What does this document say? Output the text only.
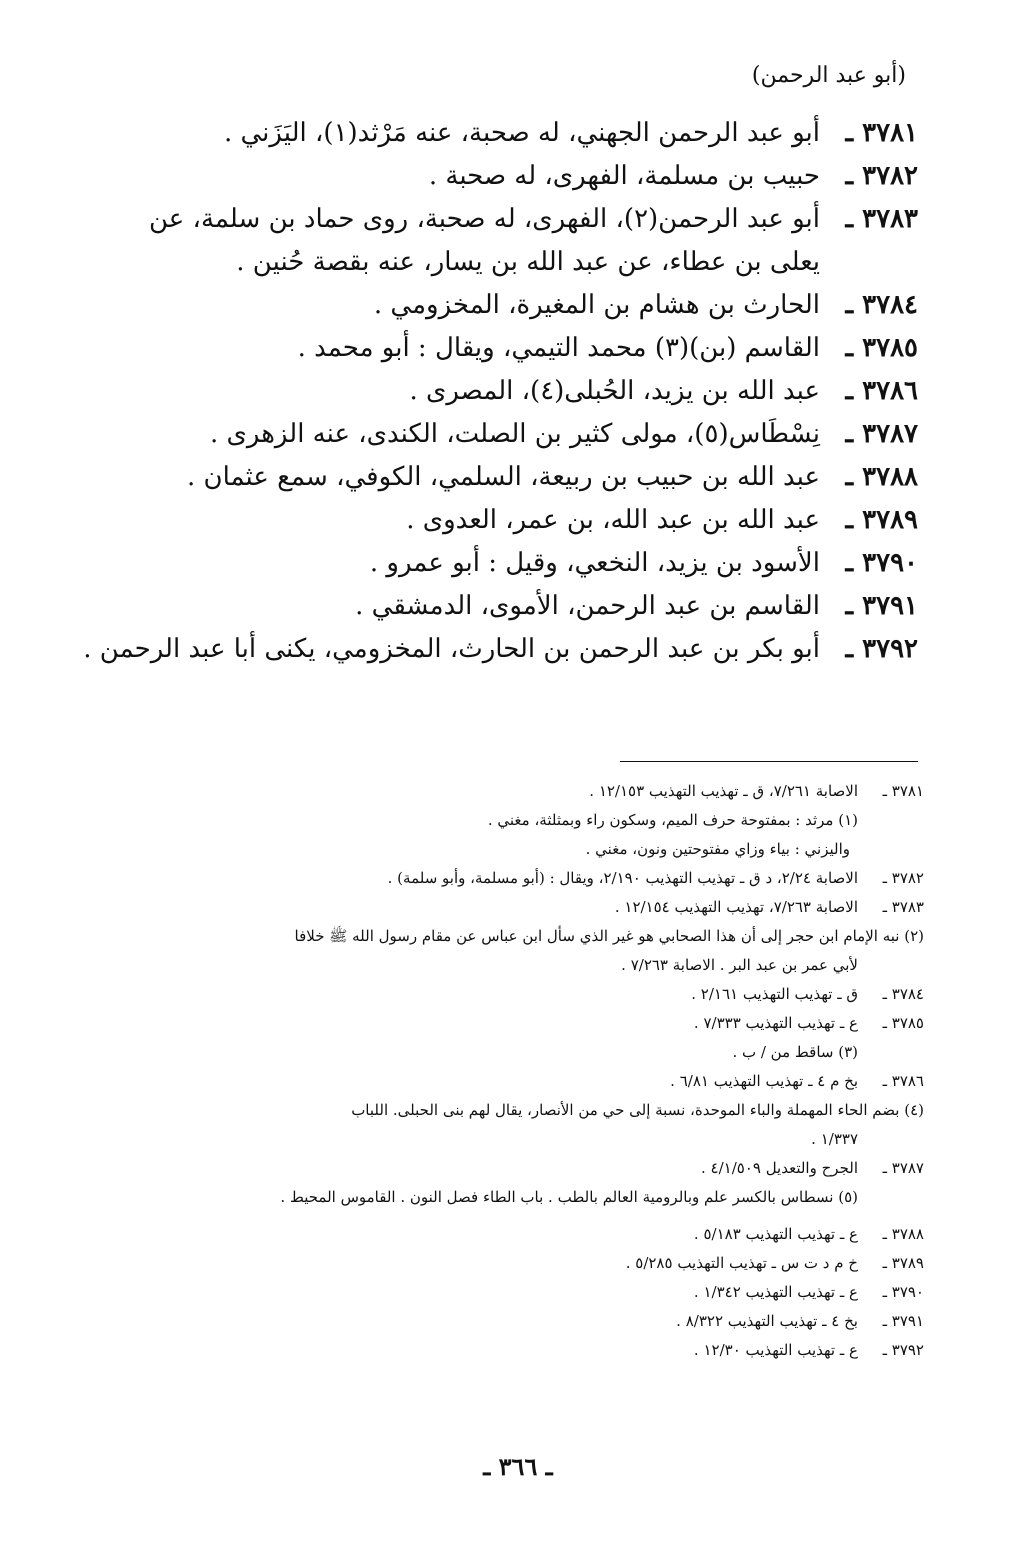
(أبو عبد الرحمن)
٣٧٨١ ـ
أبو عبد الرحمن الجهني، له صحبة، عنه مَرْثد(١)، اليَزَني .
٣٧٨٢ ـ
حبيب بن مسلمة، الفهرى، له صحبة .
٣٧٨٣ ـ
أبو عبد الرحمن(٢)، الفهرى، له صحبة، روى حماد بن سلمة، عن
يعلى بن عطاء، عن عبد الله بن يسار، عنه بقصة حُنين .
٣٧٨٤ ـ
الحارث بن هشام بن المغيرة، المخزومي .
٣٧٨٥ ـ
القاسم (بن)(٣) محمد التيمي، ويقال : أبو محمد .
٣٧٨٦ ـ
عبد الله بن يزيد، الحُبلى(٤)، المصرى .
٣٧٨٧ ـ
نِسْطَاس(٥)، مولى كثير بن الصلت، الكندى، عنه الزهرى .
٣٧٨٨ ـ
عبد الله بن حبيب بن ربيعة، السلمي، الكوفي، سمع عثمان .
٣٧٨٩ ـ
عبد الله بن عبد الله، بن عمر، العدوى .
٣٧٩٠ ـ
الأسود بن يزيد، النخعي، وقيل : أبو عمرو .
٣٧٩١ ـ
القاسم بن عبد الرحمن، الأموى، الدمشقي .
٣٧٩٢ ـ
أبو بكر بن عبد الرحمن بن الحارث، المخزومي، يكنى أبا عبد الرحمن .
٣٧٨١ ـ
الاصابة ٧/٢٦١، ق ـ تهذيب التهذيب ١٢/١٥٣ .
(١) مرثد : بمفتوحة حرف الميم، وسكون راء وبمثلثة، مغني .
واليزني : بياء وزاي مفتوحتين ونون، مغني .
٣٧٨٢ ـ
الاصابة ٢/٢٤، د ق ـ تهذيب التهذيب ٢/١٩٠، ويقال : (أبو مسلمة، وأبو سلمة) .
٣٧٨٣ ـ
الاصابة ٧/٢٦٣، تهذيب التهذيب ١٢/١٥٤ .
(٢) نبه الإمام ابن حجر إلى أن هذا الصحابي هو غير الذي سأل ابن عباس عن مقام رسول الله ﷺ خلافا
لأبي عمر بن عبد البر . الاصابة ٧/٢٦٣ .
٣٧٨٤ ـ
ق ـ تهذيب التهذيب ٢/١٦١ .
٣٧٨٥ ـ
ع ـ تهذيب التهذيب ٧/٣٣٣ .
(٣) ساقط من / ب .
٣٧٨٦ ـ
بخ م ٤ ـ تهذيب التهذيب ٦/٨١ .
(٤) بضم الحاء المهملة والباء الموحدة، نسبة إلى حي من الأنصار، يقال لهم بنى الحبلى. اللباب
١/٣٣٧ .
٣٧٨٧ ـ
الجرح والتعديل ٤/١/٥٠٩ .
(٥) نسطاس بالكسر علم وبالرومية العالم بالطب . باب الطاء فصل النون . القاموس المحيط .
٣٧٨٨ ـ
ع ـ تهذيب التهذيب ٥/١٨٣ .
٣٧٨٩ ـ
خ م د ت س ـ تهذيب التهذيب ٥/٢٨٥ .
٣٧٩٠ ـ
ع ـ تهذيب التهذيب ١/٣٤٢ .
٣٧٩١ ـ
بخ ٤ ـ تهذيب التهذيب ٨/٣٢٢ .
٣٧٩٢ ـ
ع ـ تهذيب التهذيب ١٢/٣٠ .
ـ ٣٦٦ ـ
